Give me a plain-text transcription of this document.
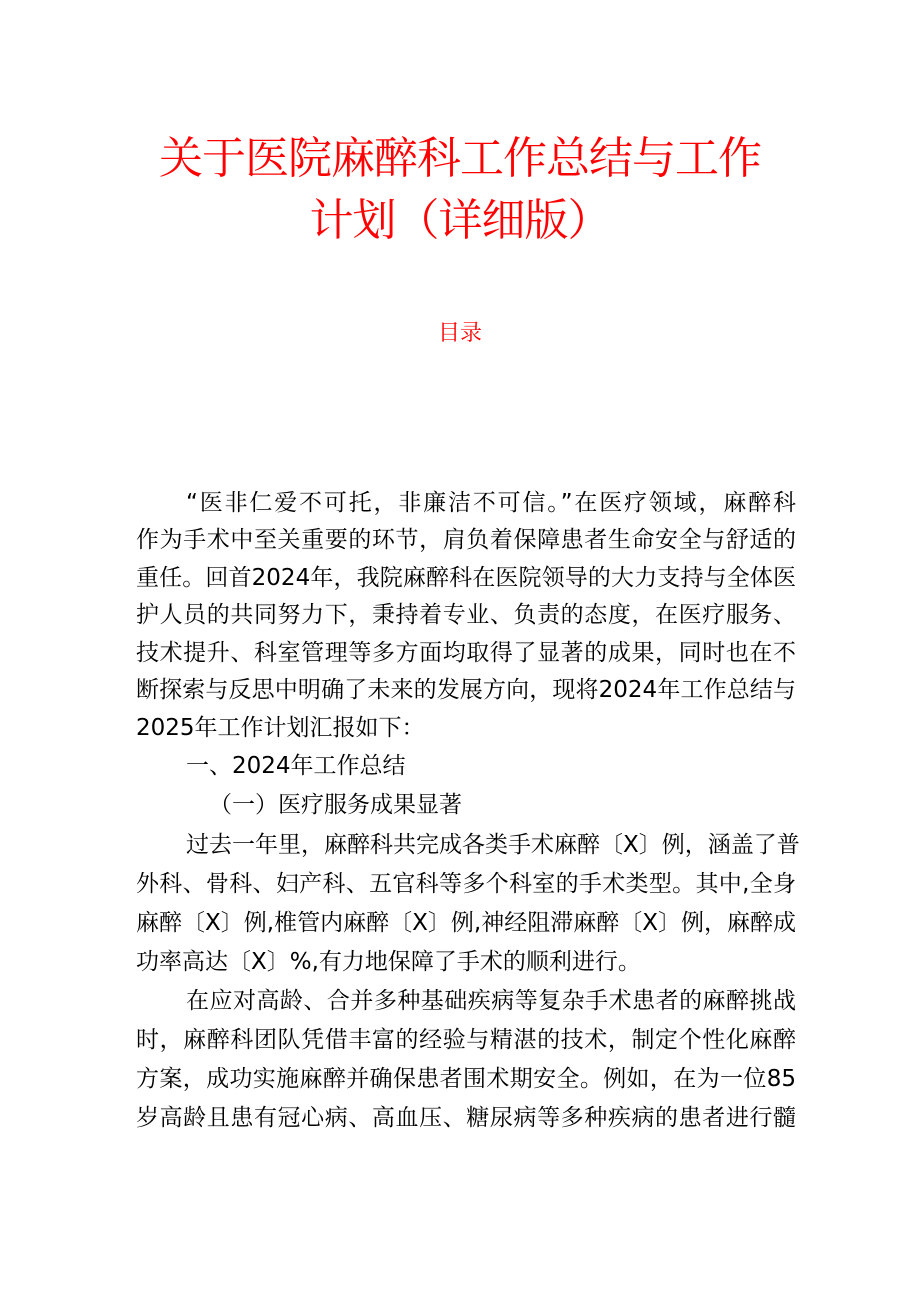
关于医院麻醉科工作总结与工作
计划（详细版）
目录
“医非仁爱不可托，非廉洁不可信。”在医疗领域，麻醉科
作为手术中至关重要的环节，肩负着保障患者生命安全与舒适的
重任。回首2024年，我院麻醉科在医院领导的大力支持与全体医
护人员的共同努力下，秉持着专业、负责的态度，在医疗服务、
技术提升、科室管理等多方面均取得了显著的成果，同时也在不
断探索与反思中明确了未来的发展方向，现将2024年工作总结与
2025年工作计划汇报如下：
一、2024年工作总结
（一）医疗服务成果显著
过去一年里，麻醉科共完成各类手术麻醉〔X〕例，涵盖了普
外科、骨科、妇产科、五官科等多个科室的手术类型。其中,全身
麻醉〔X〕例,椎管内麻醉〔X〕例,神经阻滞麻醉〔X〕例，麻醉成
功率高达〔X〕%,有力地保障了手术的顺利进行。
在应对高龄、合并多种基础疾病等复杂手术患者的麻醉挑战
时，麻醉科团队凭借丰富的经验与精湛的技术，制定个性化麻醉
方案，成功实施麻醉并确保患者围术期安全。例如，在为一位85
岁高龄且患有冠心病、高血压、糖尿病等多种疾病的患者进行髓
